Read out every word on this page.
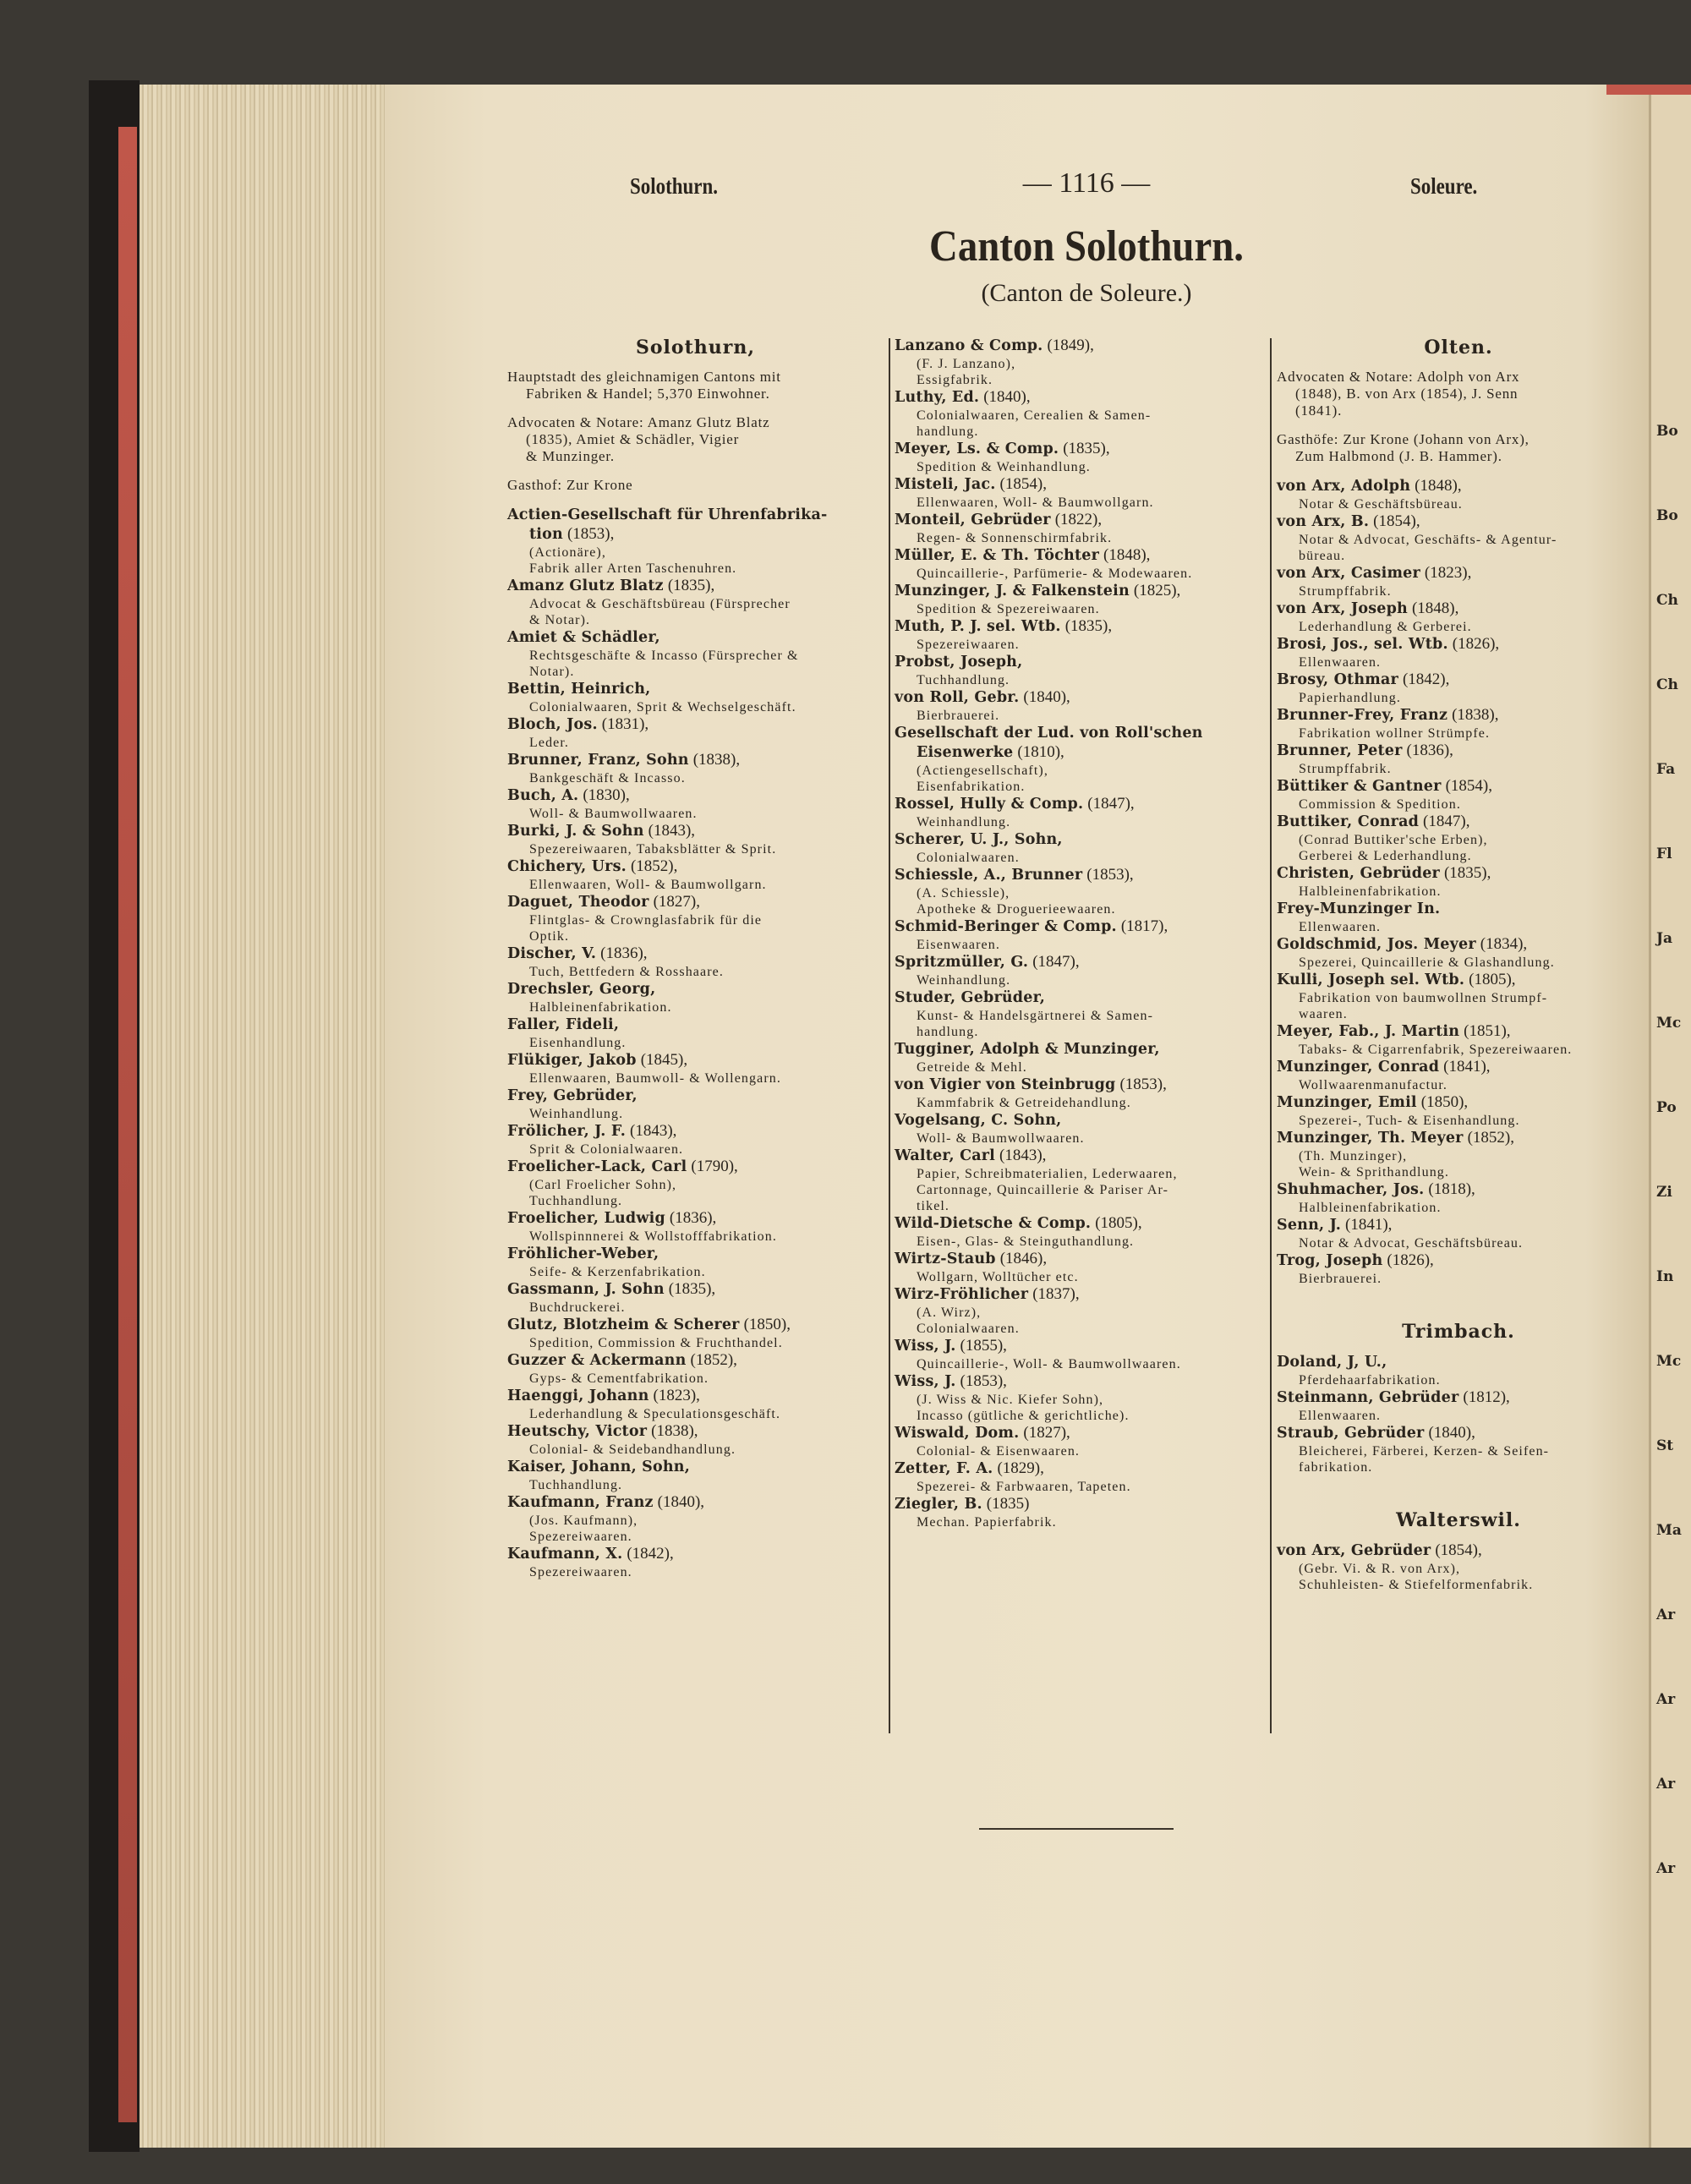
Bo
Bo
Ch
Ch
Fa
Fl
Ja
Mc
Po
Zi
In
Mc
St
Ma
Ar
Ar
Ar
Ar
Solothurn.	— 1116 —	Soleure.
Canton Solothurn.
(Canton de Soleure.)
Solothurn,
Hauptstadt des gleichnamigen Cantons mit
Fabriken & Handel; 5,370 Einwohner.
Advocaten & Notare: Amanz Glutz Blatz
(1835), Amiet & Schädler, Vigier
& Munzinger.
Gasthof: Zur Krone
Actien-Gesellschaft für Uhrenfabrika-
tion (1853),
(Actionäre),
Fabrik aller Arten Taschenuhren.
Amanz Glutz Blatz (1835),
Advocat & Geschäftsbüreau (Fürsprecher
& Notar).
Amiet & Schädler,
Rechtsgeschäfte & Incasso (Fürsprecher &
Notar).
Bettin, Heinrich,
Colonialwaaren, Sprit & Wechselgeschäft.
Bloch, Jos. (1831),
Leder.
Brunner, Franz, Sohn (1838),
Bankgeschäft & Incasso.
Buch, A. (1830),
Woll- & Baumwollwaaren.
Burki, J. & Sohn (1843),
Spezereiwaaren, Tabaksblätter & Sprit.
Chichery, Urs. (1852),
Ellenwaaren, Woll- & Baumwollgarn.
Daguet, Theodor (1827),
Flintglas- & Crownglasfabrik für die
Optik.
Discher, V. (1836),
Tuch, Bettfedern & Rosshaare.
Drechsler, Georg,
Halbleinenfabrikation.
Faller, Fideli,
Eisenhandlung.
Flükiger, Jakob (1845),
Ellenwaaren, Baumwoll- & Wollengarn.
Frey, Gebrüder,
Weinhandlung.
Frölicher, J. F. (1843),
Sprit & Colonialwaaren.
Froelicher-Lack, Carl (1790),
(Carl Froelicher Sohn),
Tuchhandlung.
Froelicher, Ludwig (1836),
Wollspinnnerei & Wollstofffabrikation.
Fröhlicher-Weber,
Seife- & Kerzenfabrikation.
Gassmann, J. Sohn (1835),
Buchdruckerei.
Glutz, Blotzheim & Scherer (1850),
Spedition, Commission & Fruchthandel.
Guzzer & Ackermann (1852),
Gyps- & Cementfabrikation.
Haenggi, Johann (1823),
Lederhandlung & Speculationsgeschäft.
Heutschy, Victor (1838),
Colonial- & Seidebandhandlung.
Kaiser, Johann, Sohn,
Tuchhandlung.
Kaufmann, Franz (1840),
(Jos. Kaufmann),
Spezereiwaaren.
Kaufmann, X. (1842),
Spezereiwaaren.
Lanzano & Comp. (1849),
(F. J. Lanzano),
Essigfabrik.
Luthy, Ed. (1840),
Colonialwaaren, Cerealien & Samen-
handlung.
Meyer, Ls. & Comp. (1835),
Spedition & Weinhandlung.
Misteli, Jac. (1854),
Ellenwaaren, Woll- & Baumwollgarn.
Monteil, Gebrüder (1822),
Regen- & Sonnenschirmfabrik.
Müller, E. & Th. Töchter (1848),
Quincaillerie-, Parfümerie- & Modewaaren.
Munzinger, J. & Falkenstein (1825),
Spedition & Spezereiwaaren.
Muth, P. J. sel. Wtb. (1835),
Spezereiwaaren.
Probst, Joseph,
Tuchhandlung.
von Roll, Gebr. (1840),
Bierbrauerei.
Gesellschaft der Lud. von Roll'schen
Eisenwerke (1810),
(Actiengesellschaft),
Eisenfabrikation.
Rossel, Hully & Comp. (1847),
Weinhandlung.
Scherer, U. J., Sohn,
Colonialwaaren.
Schiessle, A., Brunner (1853),
(A. Schiessle),
Apotheke & Droguerieewaaren.
Schmid-Beringer & Comp. (1817),
Eisenwaaren.
Spritzmüller, G. (1847),
Weinhandlung.
Studer, Gebrüder,
Kunst- & Handelsgärtnerei & Samen-
handlung.
Tugginer, Adolph & Munzinger,
Getreide & Mehl.
von Vigier von Steinbrugg (1853),
Kammfabrik & Getreidehandlung.
Vogelsang, C. Sohn,
Woll- & Baumwollwaaren.
Walter, Carl (1843),
Papier, Schreibmaterialien, Lederwaaren,
Cartonnage, Quincaillerie & Pariser Ar-
tikel.
Wild-Dietsche & Comp. (1805),
Eisen-, Glas- & Steinguthandlung.
Wirtz-Staub (1846),
Wollgarn, Wolltücher etc.
Wirz-Fröhlicher (1837),
(A. Wirz),
Colonialwaaren.
Wiss, J. (1855),
Quincaillerie-, Woll- & Baumwollwaaren.
Wiss, J. (1853),
(J. Wiss & Nic. Kiefer Sohn),
Incasso (gütliche & gerichtliche).
Wiswald, Dom. (1827),
Colonial- & Eisenwaaren.
Zetter, F. A. (1829),
Spezerei- & Farbwaaren, Tapeten.
Ziegler, B. (1835)
Mechan. Papierfabrik.
Olten.
Advocaten & Notare: Adolph von Arx
(1848), B. von Arx (1854), J. Senn
(1841).
Gasthöfe: Zur Krone (Johann von Arx),
Zum Halbmond (J. B. Hammer).
von Arx, Adolph (1848),
Notar & Geschäftsbüreau.
von Arx, B. (1854),
Notar & Advocat, Geschäfts- & Agentur-
büreau.
von Arx, Casimer (1823),
Strumpffabrik.
von Arx, Joseph (1848),
Lederhandlung & Gerberei.
Brosi, Jos., sel. Wtb. (1826),
Ellenwaaren.
Brosy, Othmar (1842),
Papierhandlung.
Brunner-Frey, Franz (1838),
Fabrikation wollner Strümpfe.
Brunner, Peter (1836),
Strumpffabrik.
Büttiker & Gantner (1854),
Commission & Spedition.
Buttiker, Conrad (1847),
(Conrad Buttiker'sche Erben),
Gerberei & Lederhandlung.
Christen, Gebrüder (1835),
Halbleinenfabrikation.
Frey-Munzinger In.
Ellenwaaren.
Goldschmid, Jos. Meyer (1834),
Spezerei, Quincaillerie & Glashandlung.
Kulli, Joseph sel. Wtb. (1805),
Fabrikation von baumwollnen Strumpf-
waaren.
Meyer, Fab., J. Martin (1851),
Tabaks- & Cigarrenfabrik, Spezereiwaaren.
Munzinger, Conrad (1841),
Wollwaarenmanufactur.
Munzinger, Emil (1850),
Spezerei-, Tuch- & Eisenhandlung.
Munzinger, Th. Meyer (1852),
(Th. Munzinger),
Wein- & Sprithandlung.
Shuhmacher, Jos. (1818),
Halbleinenfabrikation.
Senn, J. (1841),
Notar & Advocat, Geschäftsbüreau.
Trog, Joseph (1826),
Bierbrauerei.
Trimbach.
Doland, J, U.,
Pferdehaarfabrikation.
Steinmann, Gebrüder (1812),
Ellenwaaren.
Straub, Gebrüder (1840),
Bleicherei, Färberei, Kerzen- & Seifen-
fabrikation.
Walterswil.
von Arx, Gebrüder (1854),
(Gebr. Vi. & R. von Arx),
Schuhleisten- & Stiefelformenfabrik.
